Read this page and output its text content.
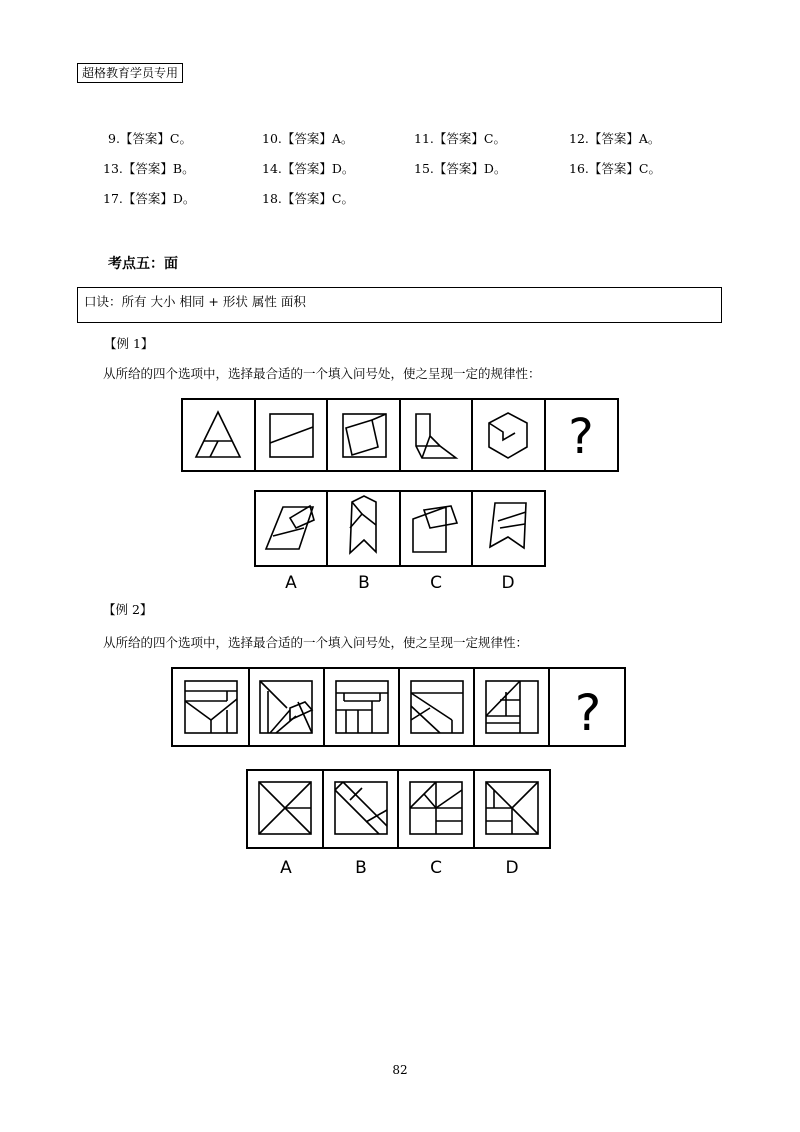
超格教育学员专用
9.【答案】C。	10.【答案】A。	11.【答案】C。	12.【答案】A。
13.【答案】B。	14.【答案】D。	15.【答案】D。	16.【答案】C。
17.【答案】D。	18.【答案】C。
考点五：面
口诀：所有 大小 相同 + 形状 属性 面积
【例 1】
从所给的四个选项中，选择最合适的一个填入问号处，使之呈现一定的规律性：
【例 2】
从所给的四个选项中，选择最合适的一个填入问号处，使之呈现一定规律性：
?
?
A	B	C	D
A	B	C	D
82
